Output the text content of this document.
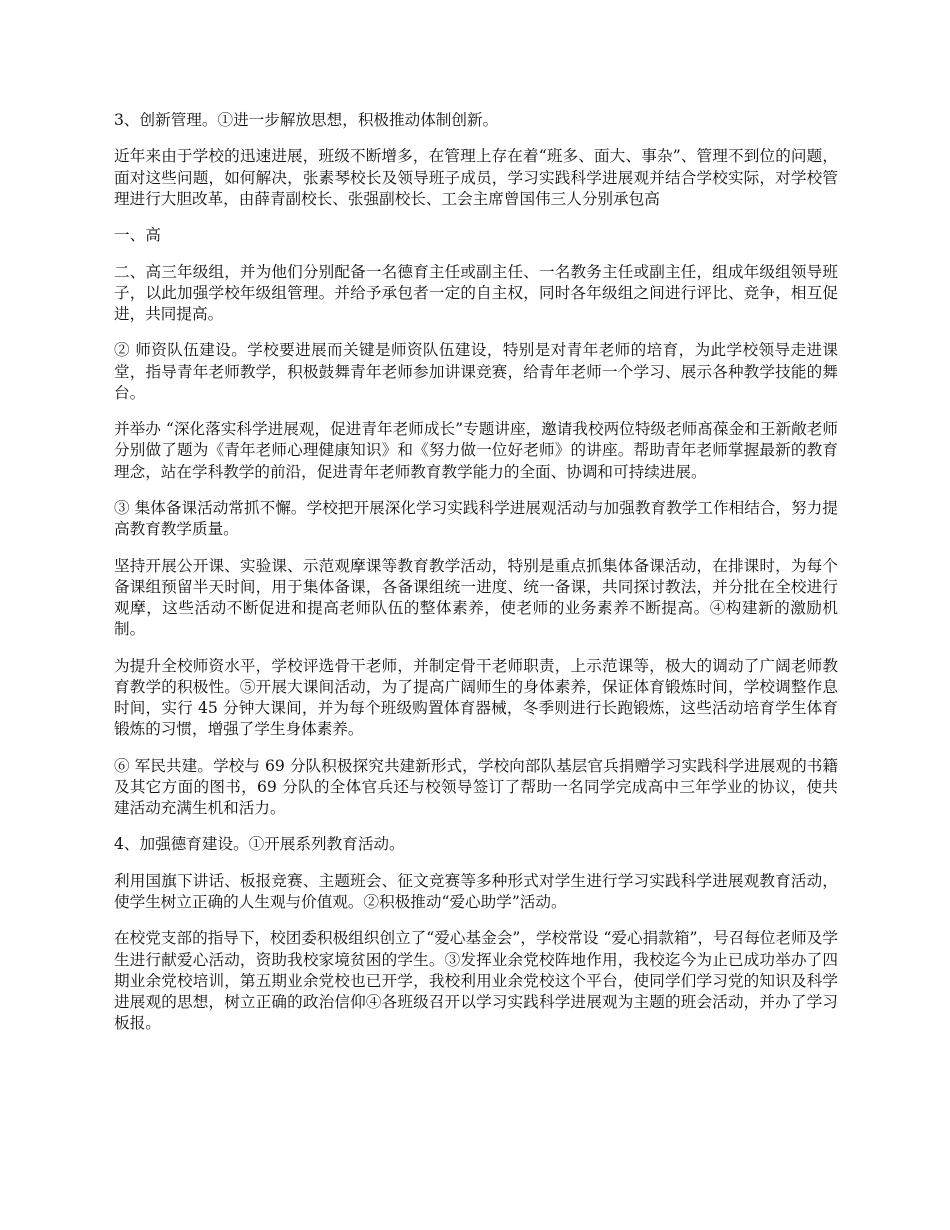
3、创新管理。①进一步解放思想，积极推动体制创新。

近年来由于学校的迅速进展，班级不断增多，在管理上存在着“班多、面大、事杂”、管理不到位的问题，面对这些问题，如何解决，张素琴校长及领导班子成员，学习实践科学进展观并结合学校实际，对学校管理进行大胆改革，由薛青副校长、张强副校长、工会主席曾国伟三人分别承包高

一、高

二、高三年级组，并为他们分别配备一名德育主任或副主任、一名教务主任或副主任，组成年级组领导班子，以此加强学校年级组管理。并给予承包者一定的自主权，同时各年级组之间进行评比、竞争，相互促进，共同提高。

② 师资队伍建设。学校要进展而关键是师资队伍建设，特别是对青年老师的培育，为此学校领导走进课堂，指导青年老师教学，积极鼓舞青年老师参加讲课竞赛，给青年老师一个学习、展示各种教学技能的舞台。

并举办 “深化落实科学进展观，促进青年老师成长”专题讲座，邀请我校两位特级老师髙葆金和王新敞老师分别做了题为《青年老师心理健康知识》和《努力做一位好老师》的讲座。帮助青年老师掌握最新的教育理念，站在学科教学的前沿，促进青年老师教育教学能力的全面、协调和可持续进展。

③ 集体备课活动常抓不懈。学校把开展深化学习实践科学进展观活动与加强教育教学工作相结合，努力提高教育教学质量。

坚持开展公开课、实验课、示范观摩课等教育教学活动，特别是重点抓集体备课活动，在排课时，为每个备课组预留半天时间，用于集体备课，各备课组统一进度、统一备课，共同探讨教法，并分批在全校进行观摩，这些活动不断促进和提高老师队伍的整体素养，使老师的业务素养不断提高。④构建新的激励机制。

为提升全校师资水平，学校评选骨干老师，并制定骨干老师职责，上示范课等，极大的调动了广阔老师教育教学的积极性。⑤开展大课间活动，为了提高广阔师生的身体素养，保证体育锻炼时间，学校调整作息时间，实行 45 分钟大课间，并为每个班级购置体育器械，冬季则进行长跑锻炼，这些活动培育学生体育锻炼的习惯，增强了学生身体素养。

⑥ 军民共建。学校与 69 分队积极探究共建新形式，学校向部队基层官兵捐赠学习实践科学进展观的书籍及其它方面的图书，69 分队的全体官兵还与校领导签订了帮助一名同学完成高中三年学业的协议，使共建活动充满生机和活力。

4、加强德育建设。①开展系列教育活动。

利用国旗下讲话、板报竞赛、主题班会、征文竞赛等多种形式对学生进行学习实践科学进展观教育活动，使学生树立正确的人生观与价值观。②积极推动“爱心助学”活动。

在校党支部的指导下，校团委积极组织创立了“爱心基金会”，学校常设 “爱心捐款箱”，号召每位老师及学生进行献爱心活动，资助我校家境贫困的学生。③发挥业余党校阵地作用，我校迄今为止已成功举办了四期业余党校培训，第五期业余党校也已开学，我校利用业余党校这个平台，使同学们学习党的知识及科学进展观的思想，树立正确的政治信仰④各班级召开以学习实践科学进展观为主题的班会活动，并办了学习板报。
